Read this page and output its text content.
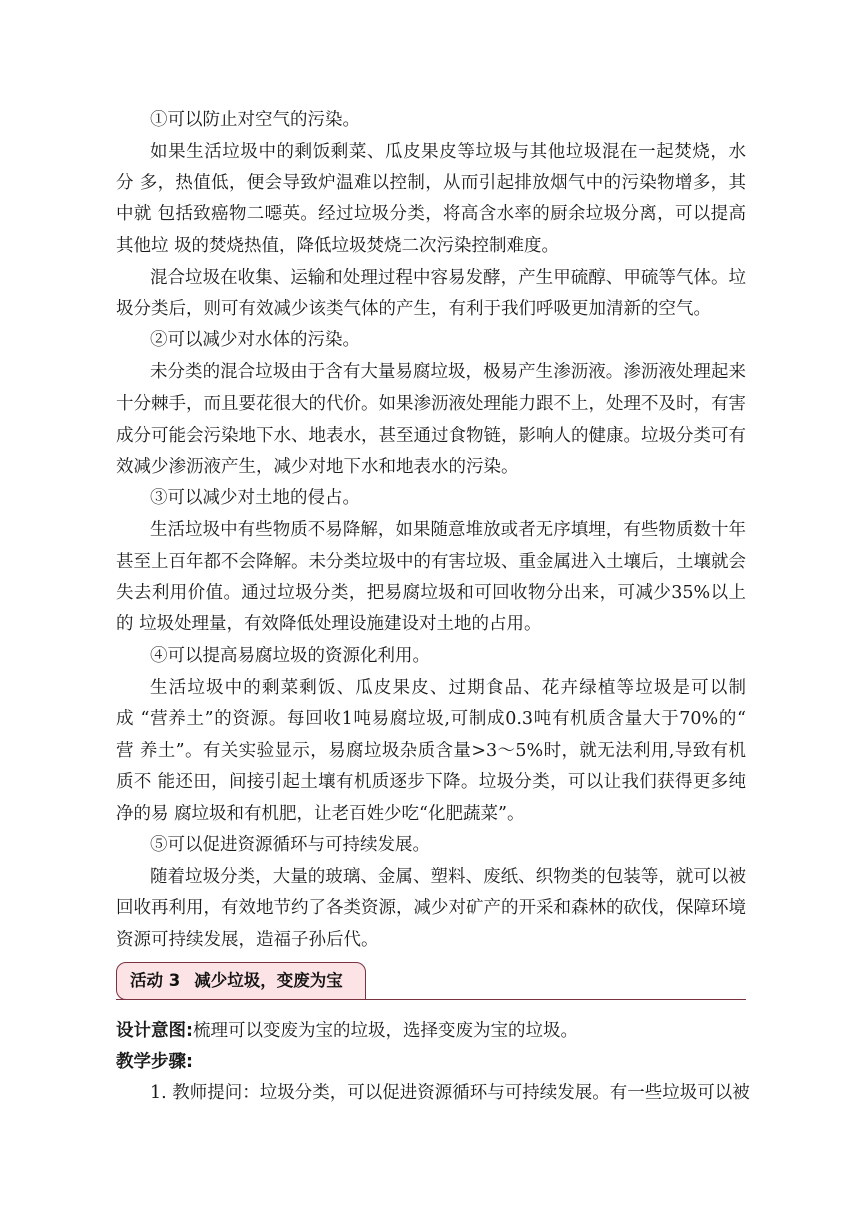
①可以防止对空气的污染。
如果生活垃圾中的剩饭剩菜、瓜皮果皮等垃圾与其他垃圾混在一起焚烧，水
分 多，热值低，便会导致炉温难以控制，从而引起排放烟气中的污染物增多，其
中就 包括致癌物二噁英。经过垃圾分类，将高含水率的厨余垃圾分离，可以提高
其他垃 圾的焚烧热值，降低垃圾焚烧二次污染控制难度。
混合垃圾在收集、运输和处理过程中容易发酵，产生甲硫醇、甲硫等气体。垃
圾分类后，则可有效减少该类气体的产生，有利于我们呼吸更加清新的空气。
②可以减少对水体的污染。
未分类的混合垃圾由于含有大量易腐垃圾，极易产生渗沥液。渗沥液处理起来
十分棘手，而且要花很大的代价。如果渗沥液处理能力跟不上，处理不及时，有害
成分可能会污染地下水、地表水，甚至通过食物链，影响人的健康。垃圾分类可有
效减少渗沥液产生，减少对地下水和地表水的污染。
③可以减少对土地的侵占。
生活垃圾中有些物质不易降解，如果随意堆放或者无序填埋，有些物质数十年
甚至上百年都不会降解。未分类垃圾中的有害垃圾、重金属进入土壤后，土壤就会
失去利用价值。通过垃圾分类，把易腐垃圾和可回收物分出来，可减少35%以上
的 垃圾处理量，有效降低处理设施建设对土地的占用。
④可以提高易腐垃圾的资源化利用。
生活垃圾中的剩菜剩饭、瓜皮果皮、过期食品、花卉绿植等垃圾是可以制
成 “营养土”的资源。每回收1吨易腐垃圾,可制成0.3吨有机质含量大于70%的“
营 养土”。有关实验显示，易腐垃圾杂质含量>3～5%时，就无法利用,导致有机
质不 能还田，间接引起土壤有机质逐步下降。垃圾分类，可以让我们获得更多纯
净的易 腐垃圾和有机肥，让老百姓少吃“化肥蔬菜”。
⑤可以促进资源循环与可持续发展。
随着垃圾分类，大量的玻璃、金属、塑料、废纸、织物类的包装等，就可以被
回收再利用，有效地节约了各类资源，减少对矿产的开采和森林的砍伐，保障环境
资源可持续发展，造福子孙后代。
活动 3 减少垃圾，变废为宝
设计意图:梳理可以变废为宝的垃圾，选择变废为宝的垃圾。
教学步骤:
1. 教师提问：垃圾分类，可以促进资源循环与可持续发展。有一些垃圾可以被
